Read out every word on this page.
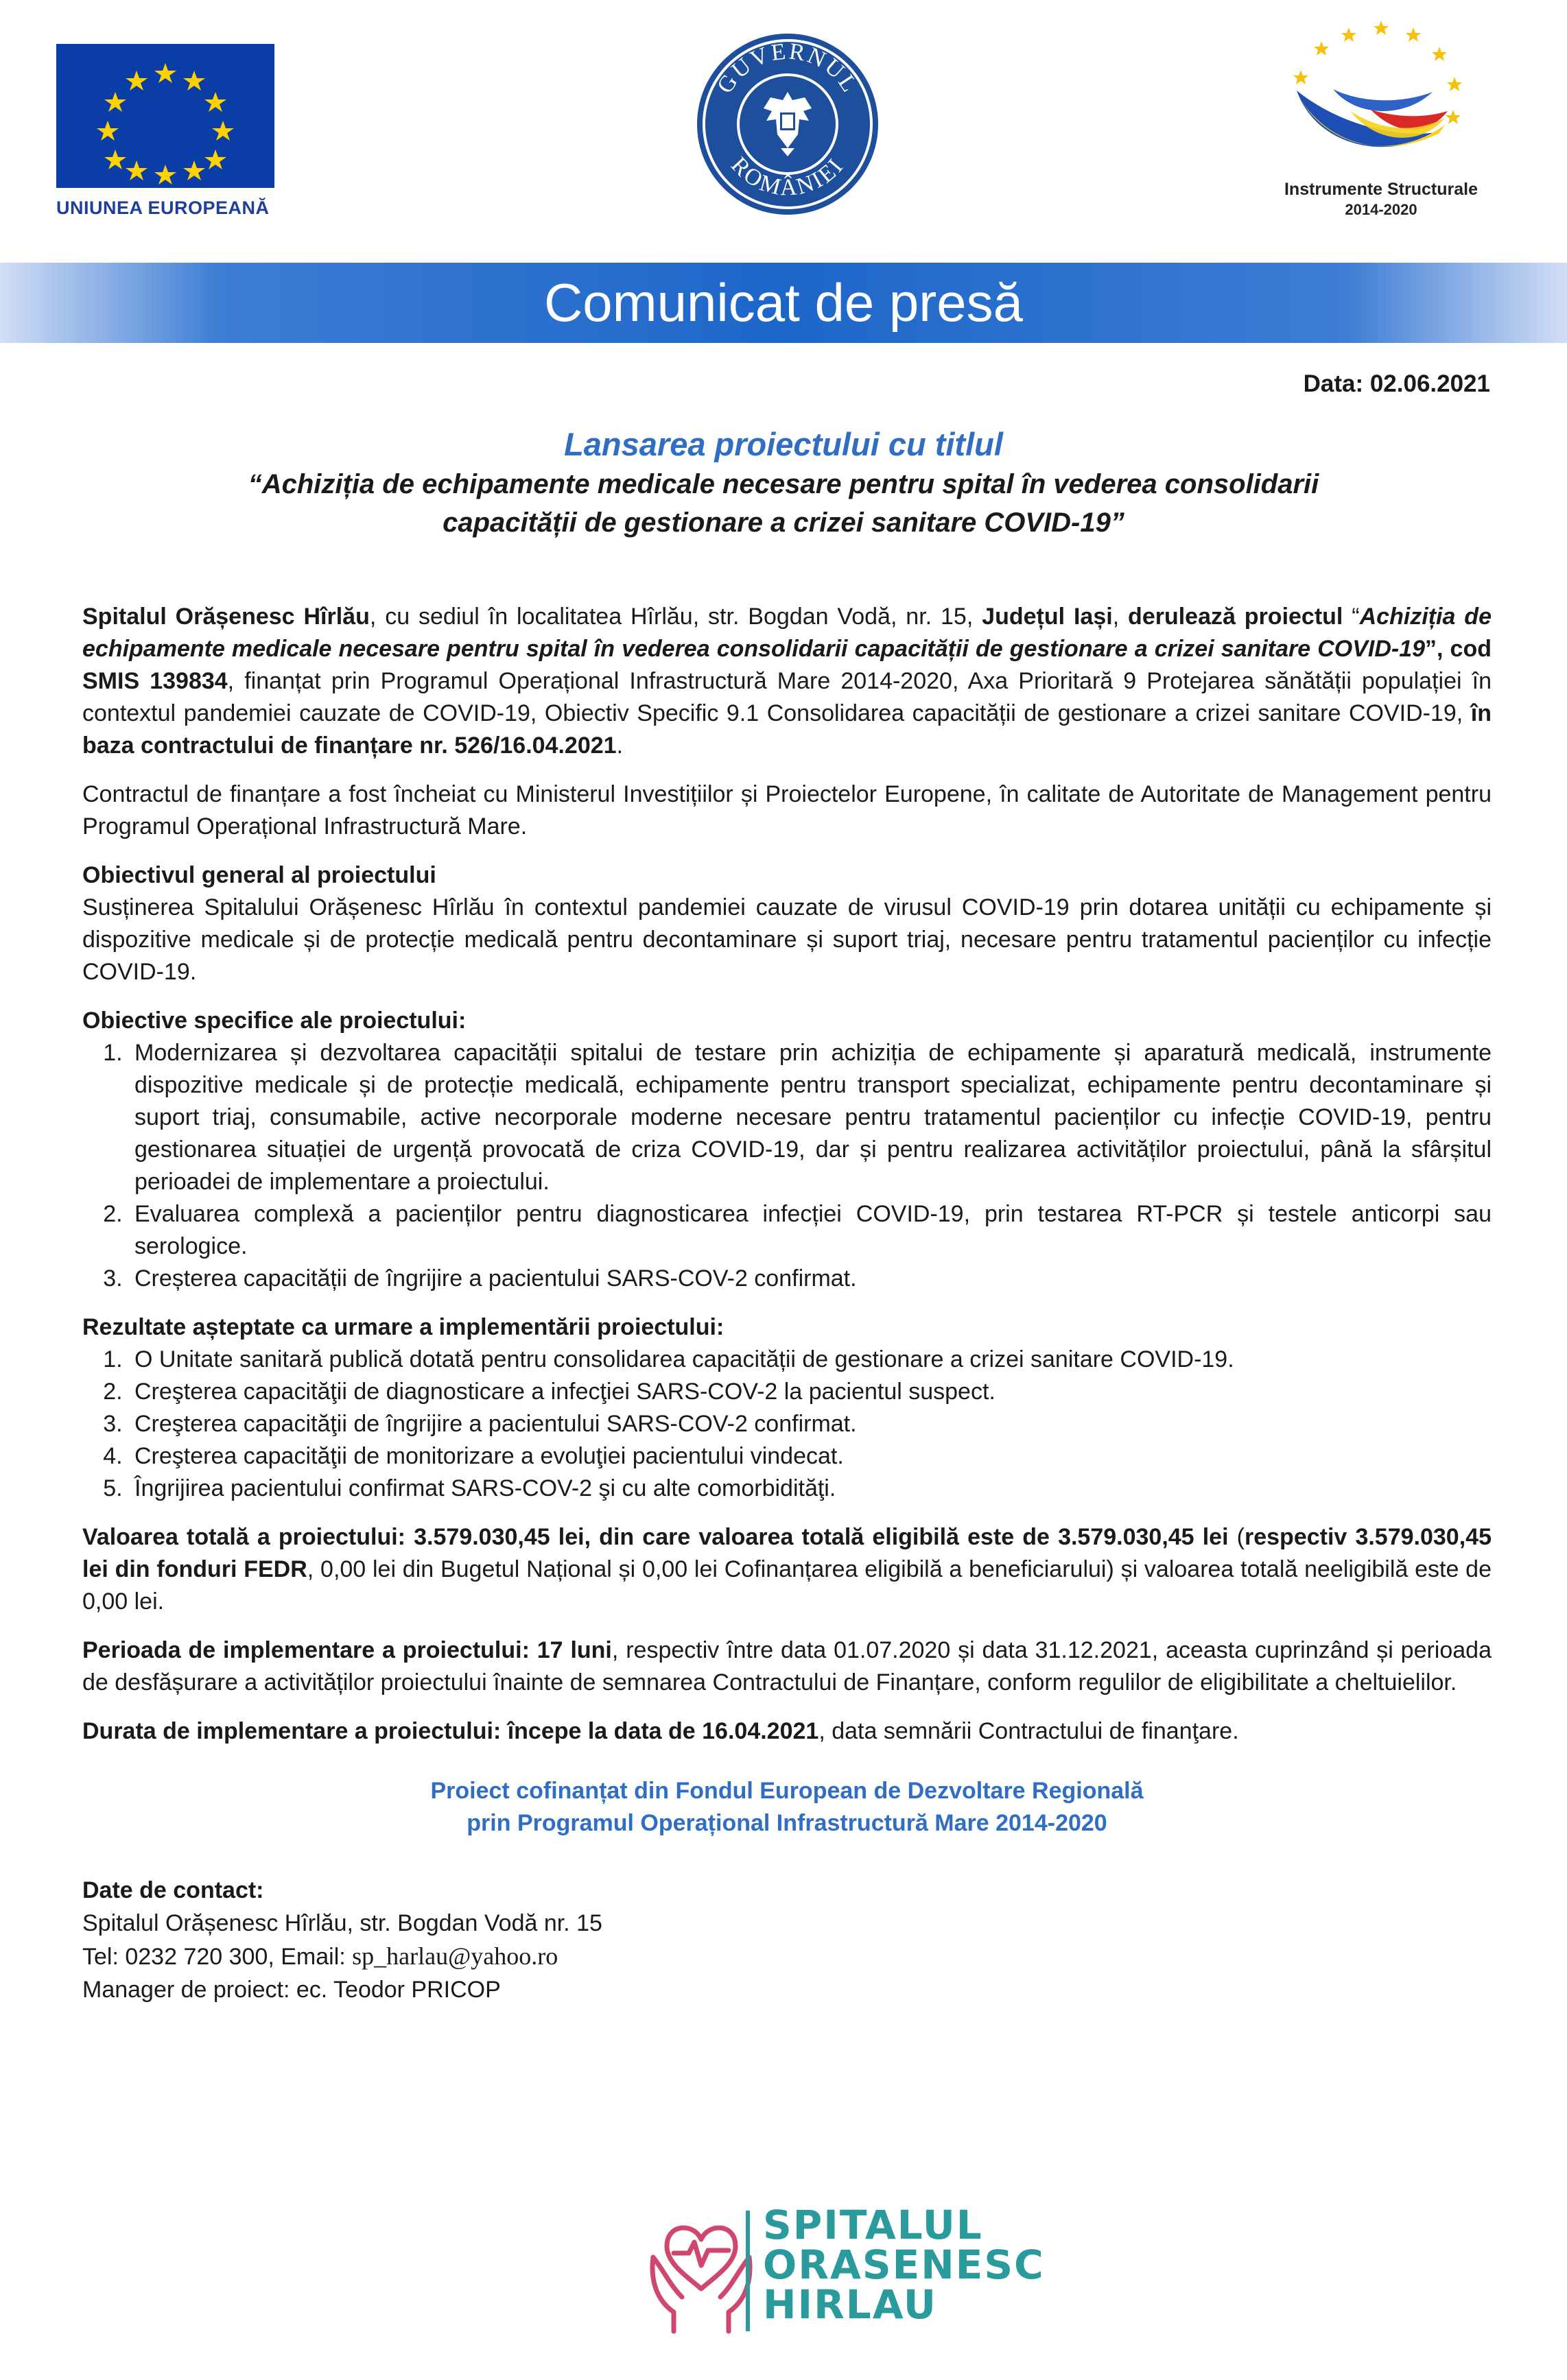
UNIUNEA EUROPEANĂ
GUVERNUL
ROMÂNIEI
Instrumente Structurale
2014-2020
Comunicat de presă
Data: 02.06.2021
Lansarea proiectului cu titlul
“Achiziția de echipamente medicale necesare pentru spital în vederea consolidarii
capacității de gestionare a crizei sanitare COVID-19”

Spitalul Orășenesc Hîrlău, cu sediul în localitatea Hîrlău, str. Bogdan Vodă, nr. 15, Județul Iași, derulează proiectul “Achiziția de echipamente medicale necesare pentru spital în vederea consolidarii capacității de gestionare a crizei sanitare COVID-19”, cod SMIS 139834, finanțat prin Programul Operațional Infrastructură Mare 2014-2020, Axa Prioritară 9 Protejarea sănătății populației în contextul pandemiei cauzate de COVID-19, Obiectiv Specific 9.1 Consolidarea capacității de gestionare a crizei sanitare COVID-19, în baza contractului de finanțare nr. 526/16.04.2021.

Contractul de finanțare a fost încheiat cu Ministerul Investițiilor și Proiectelor Europene, în calitate de Autoritate de Management pentru Programul Operațional Infrastructură Mare.

Obiectivul general al proiectului

Susținerea Spitalului Orășenesc Hîrlău în contextul pandemiei cauzate de virusul COVID-19 prin dotarea unității cu echipamente și dispozitive medicale și de protecție medicală pentru decontaminare și suport triaj, necesare pentru tratamentul pacienților cu infecție COVID-19.

Obiective specifice ale proiectului:

1. Modernizarea și dezvoltarea capacității spitalui de testare prin achiziția de echipamente și aparatură medicală, instrumente dispozitive medicale și de protecție medicală, echipamente pentru transport specializat, echipamente pentru decontaminare și suport triaj, consumabile, active necorporale moderne necesare pentru tratamentul pacienților cu infecție COVID-19, pentru gestionarea situației de urgență provocată de criza COVID-19, dar și pentru realizarea activităților proiectului, până la sfârșitul perioadei de implementare a proiectului.
2. Evaluarea complexă a pacienților pentru diagnosticarea infecției COVID-19, prin testarea RT-PCR și testele anticorpi sau serologice.
3. Creșterea capacității de îngrijire a pacientului SARS-COV-2 confirmat.

Rezultate așteptate ca urmare a implementării proiectului:

1. O Unitate sanitară publică dotată pentru consolidarea capacității de gestionare a crizei sanitare COVID-19.
2. Creşterea capacităţii de diagnosticare a infecţiei SARS-COV-2 la pacientul suspect.
3. Creşterea capacităţii de îngrijire a pacientului SARS-COV-2 confirmat.
4. Creşterea capacităţii de monitorizare a evoluţiei pacientului vindecat.
5. Îngrijirea pacientului confirmat SARS-COV-2 şi cu alte comorbidităţi.

Valoarea totală a proiectului: 3.579.030,45 lei, din care valoarea totală eligibilă este de 3.579.030,45 lei (respectiv 3.579.030,45 lei din fonduri FEDR, 0,00 lei din Bugetul Național și 0,00 lei Cofinanțarea eligibilă a beneficiarului) și valoarea totală neeligibilă este de 0,00 lei.

Perioada de implementare a proiectului: 17 luni, respectiv între data 01.07.2020 și data 31.12.2021, aceasta cuprinzând și perioada de desfășurare a activităților proiectului înainte de semnarea Contractului de Finanțare, conform regulilor de eligibilitate a cheltuielilor.

Durata de implementare a proiectului: începe la data de 16.04.2021, data semnării Contractului de finanţare.

Proiect cofinanțat din Fondul European de Dezvoltare Regională
prin Programul Operațional Infrastructură Mare 2014-2020
Date de contact:
Spitalul Orășenesc Hîrlău, str. Bogdan Vodă nr. 15
Tel: 0232 720 300, Email: sp_harlau@yahoo.ro
Manager de proiect: ec. Teodor PRICOP
SPITALUL
ORASENESC
HIRLAU
